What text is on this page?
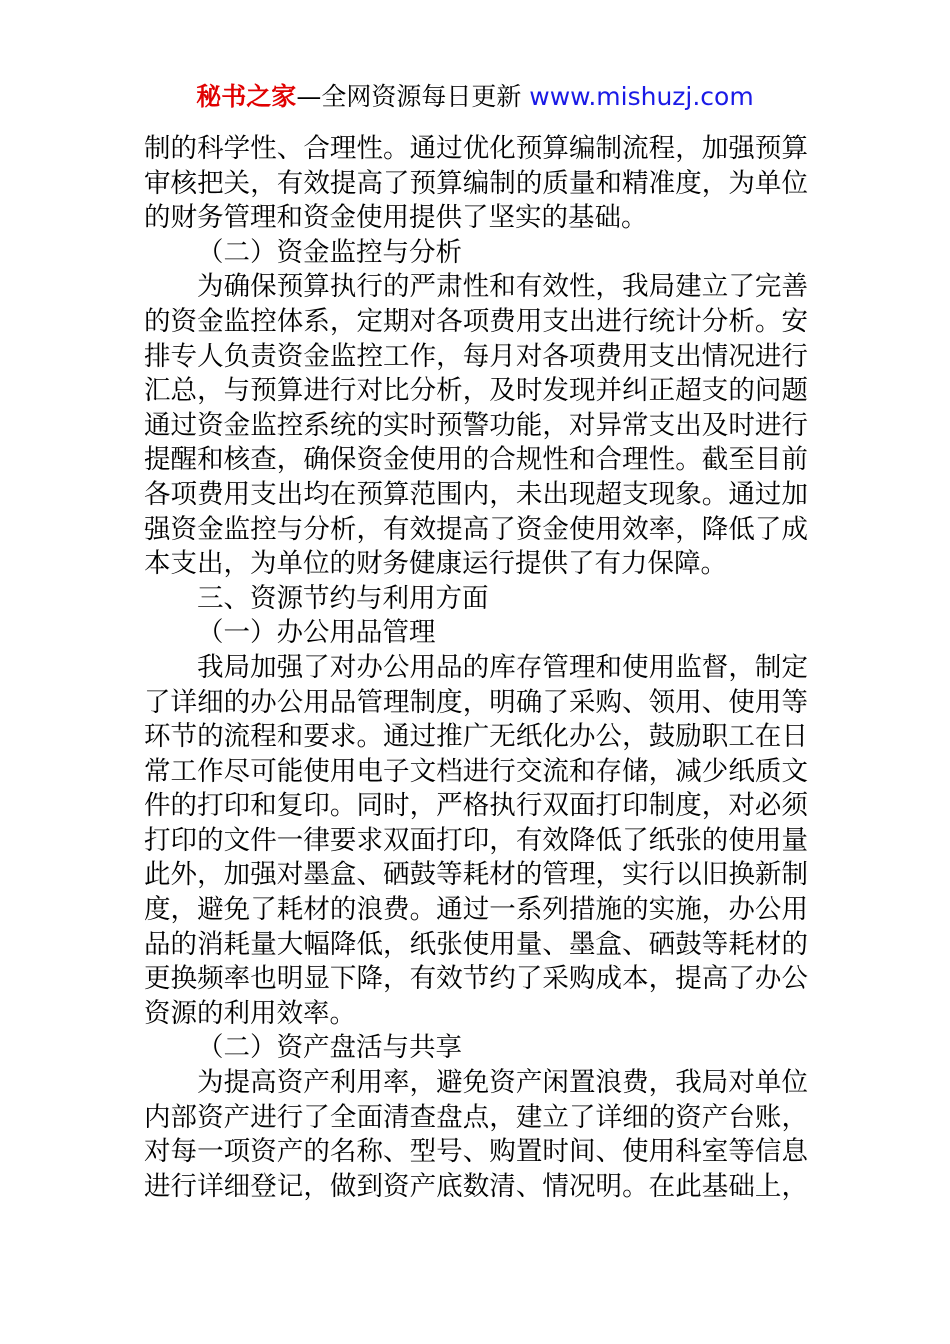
秘书之家—全网资源每日更新 www.mishuzj.com
制的科学性、合理性。通过优化预算编制流程，加强预算
审核把关，有效提高了预算编制的质量和精准度，为单位
的财务管理和资金使用提供了坚实的基础。
（二）资金监控与分析
为确保预算执行的严肃性和有效性，我局建立了完善
的资金监控体系，定期对各项费用支出进行统计分析。安
排专人负责资金监控工作，每月对各项费用支出情况进行
汇总，与预算进行对比分析，及时发现并纠正超支的问题
通过资金监控系统的实时预警功能，对异常支出及时进行
提醒和核查，确保资金使用的合规性和合理性。截至目前
各项费用支出均在预算范围内，未出现超支现象。通过加
强资金监控与分析，有效提高了资金使用效率，降低了成
本支出，为单位的财务健康运行提供了有力保障。
三、资源节约与利用方面
（一）办公用品管理
我局加强了对办公用品的库存管理和使用监督，制定
了详细的办公用品管理制度，明确了采购、领用、使用等
环节的流程和要求。通过推广无纸化办公，鼓励职工在日
常工作尽可能使用电子文档进行交流和存储，减少纸质文
件的打印和复印。同时，严格执行双面打印制度，对必须
打印的文件一律要求双面打印，有效降低了纸张的使用量
此外，加强对墨盒、硒鼓等耗材的管理，实行以旧换新制
度，避免了耗材的浪费。通过一系列措施的实施，办公用
品的消耗量大幅降低，纸张使用量、墨盒、硒鼓等耗材的
更换频率也明显下降，有效节约了采购成本，提高了办公
资源的利用效率。
（二）资产盘活与共享
为提高资产利用率，避免资产闲置浪费，我局对单位
内部资产进行了全面清查盘点，建立了详细的资产台账，
对每一项资产的名称、型号、购置时间、使用科室等信息
进行详细登记，做到资产底数清、情况明。在此基础上，
